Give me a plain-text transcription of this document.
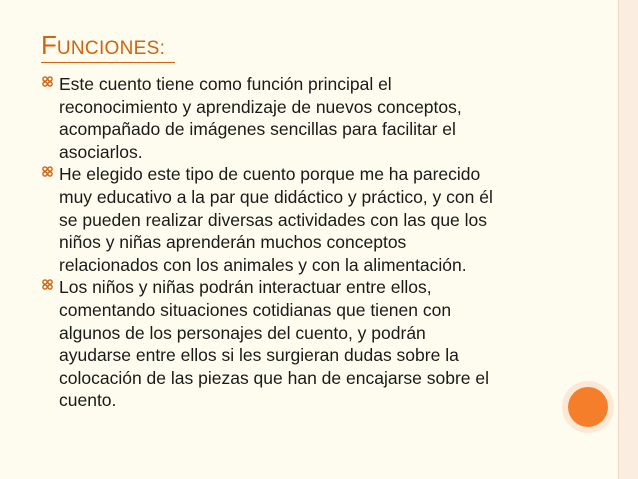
FUNCIONES:
Este cuento tiene como función principal el
reconocimiento y aprendizaje de nuevos conceptos,
acompañado de imágenes sencillas para facilitar el
asociarlos.
He elegido este tipo de cuento porque me ha parecido
muy educativo a la par que didáctico y práctico, y con él
se pueden realizar diversas actividades con las que los
niños y niñas aprenderán muchos conceptos
relacionados con los animales y con la alimentación.
Los niños y niñas podrán interactuar entre ellos,
comentando situaciones cotidianas que tienen con
algunos de los personajes del cuento, y podrán
ayudarse entre ellos si les surgieran dudas sobre la
colocación de las piezas que han de encajarse sobre el
cuento.
